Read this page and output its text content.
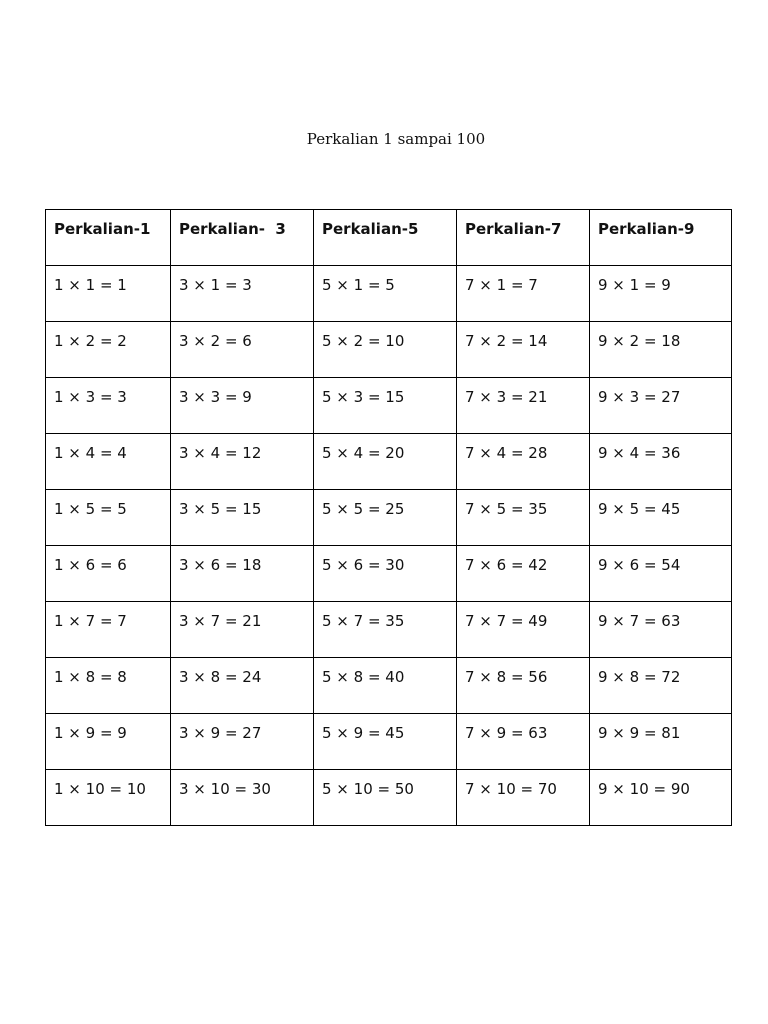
Perkalian 1 sampai 100
Perkalian-1	Perkalian-  3	Perkalian-5	Perkalian-7	Perkalian-9
1 × 1 = 1	3 × 1 = 3	5 × 1 = 5	7 × 1 = 7	9 × 1 = 9
1 × 2 = 2	3 × 2 = 6	5 × 2 = 10	7 × 2 = 14	9 × 2 = 18
1 × 3 = 3	3 × 3 = 9	5 × 3 = 15	7 × 3 = 21	9 × 3 = 27
1 × 4 = 4	3 × 4 = 12	5 × 4 = 20	7 × 4 = 28	9 × 4 = 36
1 × 5 = 5	3 × 5 = 15	5 × 5 = 25	7 × 5 = 35	9 × 5 = 45
1 × 6 = 6	3 × 6 = 18	5 × 6 = 30	7 × 6 = 42	9 × 6 = 54
1 × 7 = 7	3 × 7 = 21	5 × 7 = 35	7 × 7 = 49	9 × 7 = 63
1 × 8 = 8	3 × 8 = 24	5 × 8 = 40	7 × 8 = 56	9 × 8 = 72
1 × 9 = 9	3 × 9 = 27	5 × 9 = 45	7 × 9 = 63	9 × 9 = 81
1 × 10 = 10	3 × 10 = 30	5 × 10 = 50	7 × 10 = 70	9 × 10 = 90
